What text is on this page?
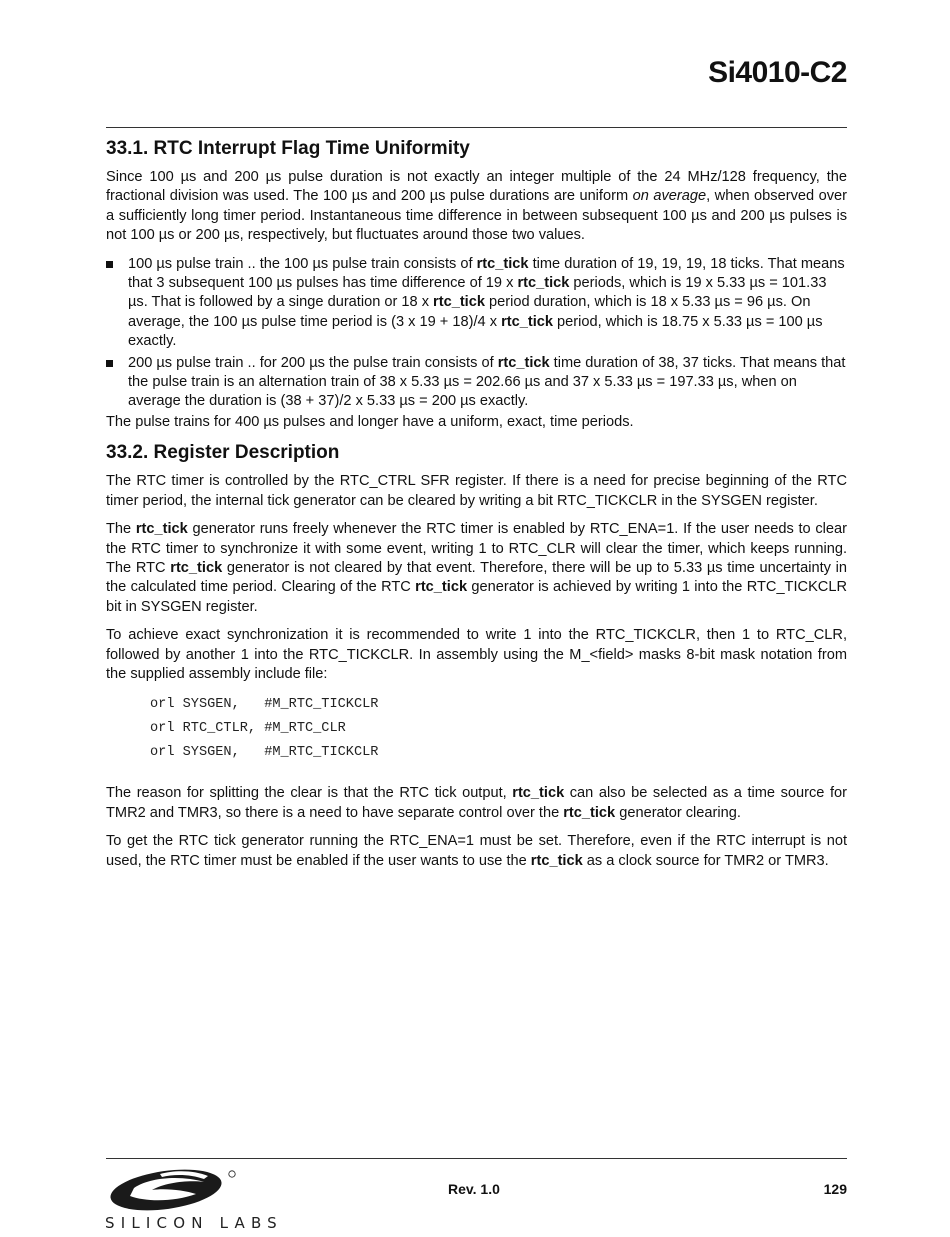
Si4010-C2
33.1. RTC Interrupt Flag Time Uniformity

Since 100 µs and 200 µs pulse duration is not exactly an integer multiple of the 24 MHz/128 frequency, the fractional division was used. The 100 µs and 200 µs pulse durations are uniform on average, when observed over a sufficiently long timer period. Instantaneous time difference in between subsequent 100 µs and 200 µs pulses is not 100 µs or 200 µs, respectively, but fluctuates around those two values.

100 µs pulse train .. the 100 µs pulse train consists of rtc_tick time duration of 19, 19, 19, 18 ticks. That means that 3 subsequent 100 µs pulses has time difference of 19 x rtc_tick periods, which is 19 x 5.33 µs = 101.33 µs. That is followed by a singe duration or 18 x rtc_tick period duration, which is 18 x 5.33 µs = 96 µs. On average, the 100 µs pulse time period is (3 x 19 + 18)/4 x rtc_tick period, which is 18.75 x 5.33 µs = 100 µs exactly.
200 µs pulse train .. for 200 µs the pulse train consists of rtc_tick time duration of 38, 37 ticks. That means that the pulse train is an alternation train of 38 x 5.33 µs = 202.66 µs and 37 x 5.33 µs = 197.33 µs, when on average the duration is (38 + 37)/2 x 5.33 µs = 200 µs exactly.

The pulse trains for 400 µs pulses and longer have a uniform, exact, time periods.

33.2. Register Description

The RTC timer is controlled by the RTC_CTRL SFR register. If there is a need for precise beginning of the RTC timer period, the internal tick generator can be cleared by writing a bit RTC_TICKCLR in the SYSGEN register.

The rtc_tick generator runs freely whenever the RTC timer is enabled by RTC_ENA=1. If the user needs to clear the RTC timer to synchronize it with some event, writing 1 to RTC_CLR will clear the timer, which keeps running. The RTC rtc_tick generator is not cleared by that event. Therefore, there will be up to 5.33 µs time uncertainty in the calculated time period. Clearing of the RTC rtc_tick generator is achieved by writing 1 into the RTC_TICKCLR bit in SYSGEN register.

To achieve exact synchronization it is recommended to write 1 into the RTC_TICKCLR, then 1 to RTC_CLR, followed by another 1 into the RTC_TICKCLR. In assembly using the M_<field> masks 8-bit mask notation from the supplied assembly include file:

orl SYSGEN,   #M_RTC_TICKCLR
orl RTC_CTLR, #M_RTC_CLR
orl SYSGEN,   #M_RTC_TICKCLR

The reason for splitting the clear is that the RTC tick output, rtc_tick can also be selected as a time source for TMR2 and TMR3, so there is a need to have separate control over the rtc_tick generator clearing.

To get the RTC tick generator running the RTC_ENA=1 must be set. Therefore, even if the RTC interrupt is not used, the RTC timer must be enabled if the user wants to use the rtc_tick as a clock source for TMR2 or TMR3.

SILICON LABS
Rev. 1.0	129
